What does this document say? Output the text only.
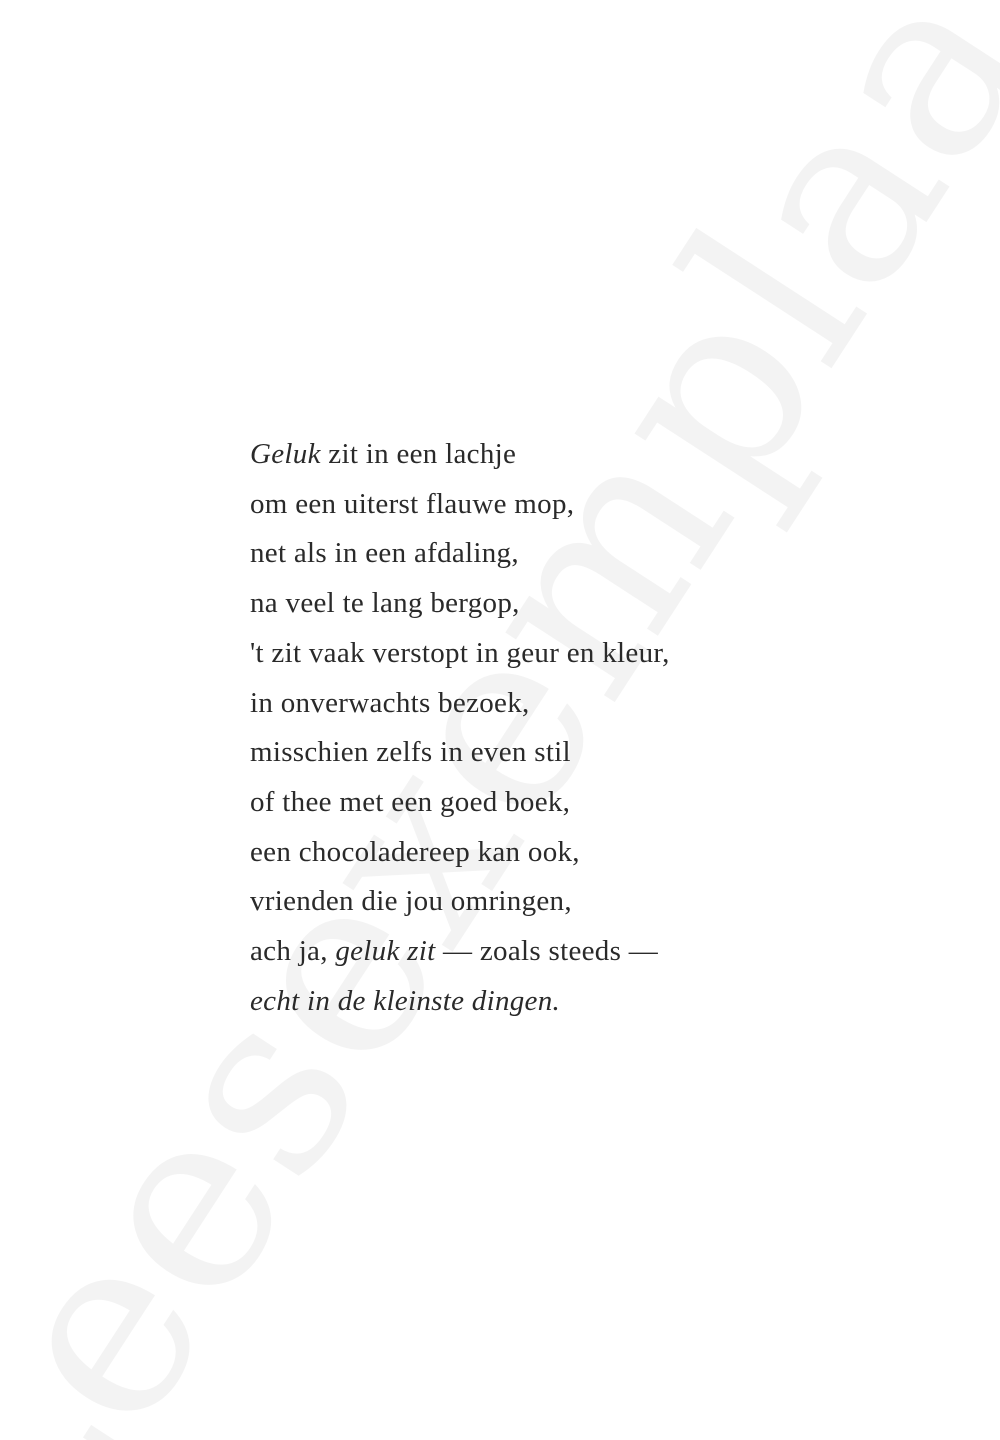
Geluk zit in een lachje
om een uiterst flauwe mop,
net als in een afdaling,
na veel te lang bergop,
't zit vaak verstopt in geur en kleur,
in onverwachts bezoek,
misschien zelfs in even stil
of thee met een goed boek,
een chocoladereep kan ook,
vrienden die jou omringen,
ach ja, geluk zit — zoals steeds —
echt in de kleinste dingen.
